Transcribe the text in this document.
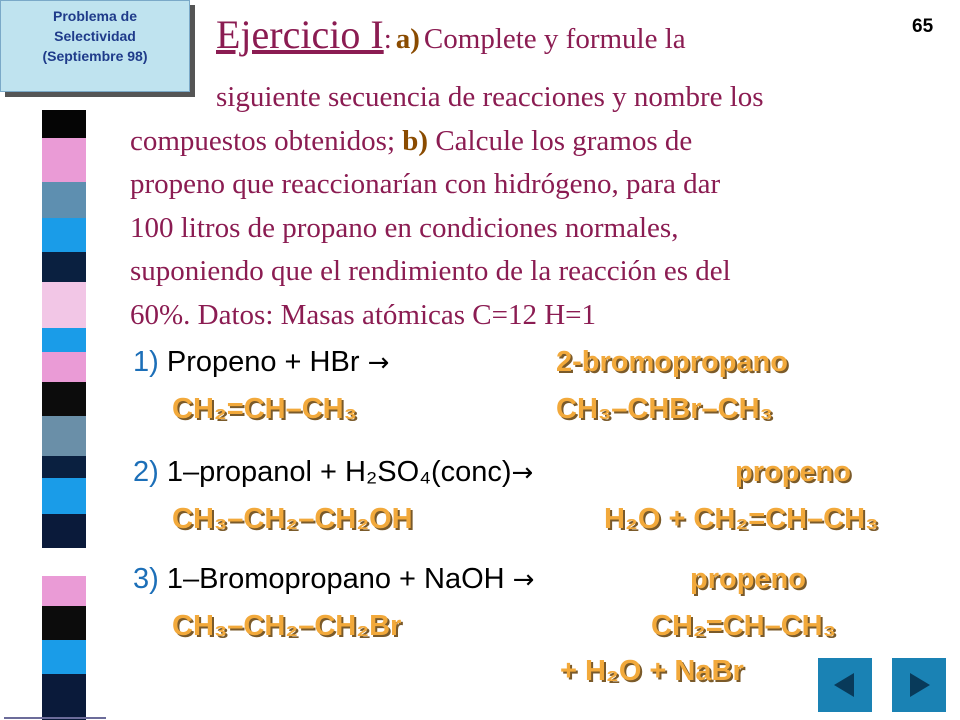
Problema de
Selectividad
(Septiembre 98)
65
Ejercicio I: a) Complete y formule la
siguiente secuencia de reacciones y nombre los
compuestos obtenidos; b) Calcule los gramos de
propeno que reaccionarían con hidrógeno, para dar
100 litros de propano en condiciones normales,
suponiendo que el rendimiento de la reacción es del
60%. Datos: Masas atómicas C=12 H=1
1) Propeno + HBr →	2-bromopropano
CH₂=CH–CH₃	CH₃–CHBr–CH₃
2) 1–propanol + H₂SO₄(conc)→	propeno
CH₃–CH₂–CH₂OH	H₂O + CH₂=CH–CH₃
3) 1–Bromopropano + NaOH →	propeno
CH₃–CH₂–CH₂Br	CH₂=CH–CH₃
+ H₂O + NaBr
